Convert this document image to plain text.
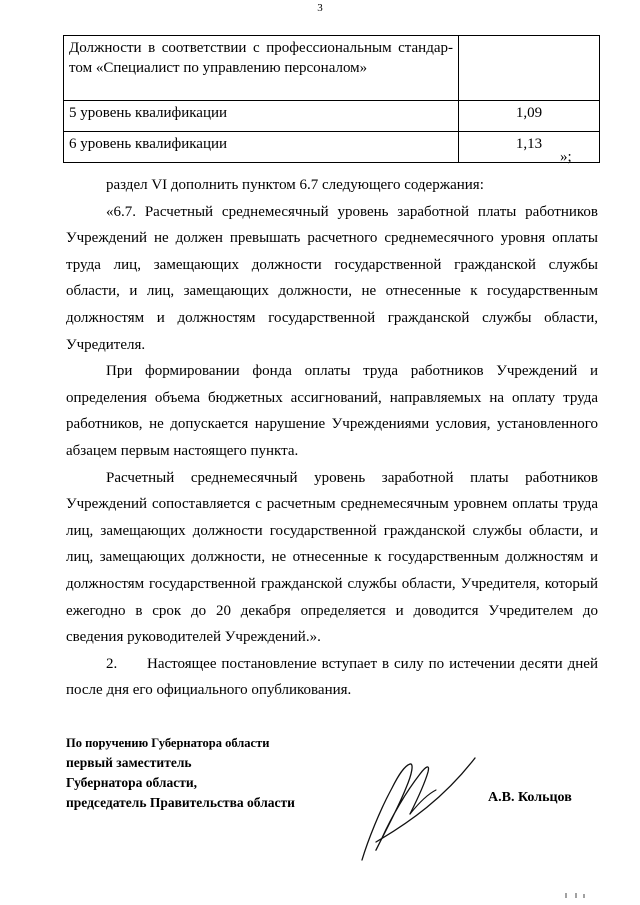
3
Должности в соответствии с профессиональным стандар-том «Специалист по управлению персоналом»	
5 уровень квалификации	1,09
6 уровень квалификации	1,13
»;

раздел VI дополнить пунктом 6.7 следующего содержания:

«6.7. Расчетный среднемесячный уровень заработной платы работников Учреждений не должен превышать расчетного среднемесячного уровня оплаты труда лиц, замещающих должности государственной гражданской службы области, и лиц, замещающих должности, не отнесенные к государственным должностям и должностям государственной гражданской службы области, Учредителя.

При формировании фонда оплаты труда работников Учреждений и определения объема бюджетных ассигнований, направляемых на оплату труда работников, не допускается нарушение Учреждениями условия, установленного абзацем первым настоящего пункта.

Расчетный среднемесячный уровень заработной платы работников Учреждений сопоставляется с расчетным среднемесячным уровнем оплаты труда лиц, замещающих должности государственной гражданской службы области, и лиц, замещающих должности, не отнесенные к государственным должностям и должностям государственной гражданской службы области, Учредителя, который ежегодно в срок до 20 декабря определяется и доводится Учредителем до сведения руководителей Учреждений.».

2.      Настоящее постановление вступает в силу по истечении десяти дней после дня его официального опубликования.

По поручению Губернатора области
первый заместитель
Губернатора области,
председатель Правительства области	А.В. Кольцов
